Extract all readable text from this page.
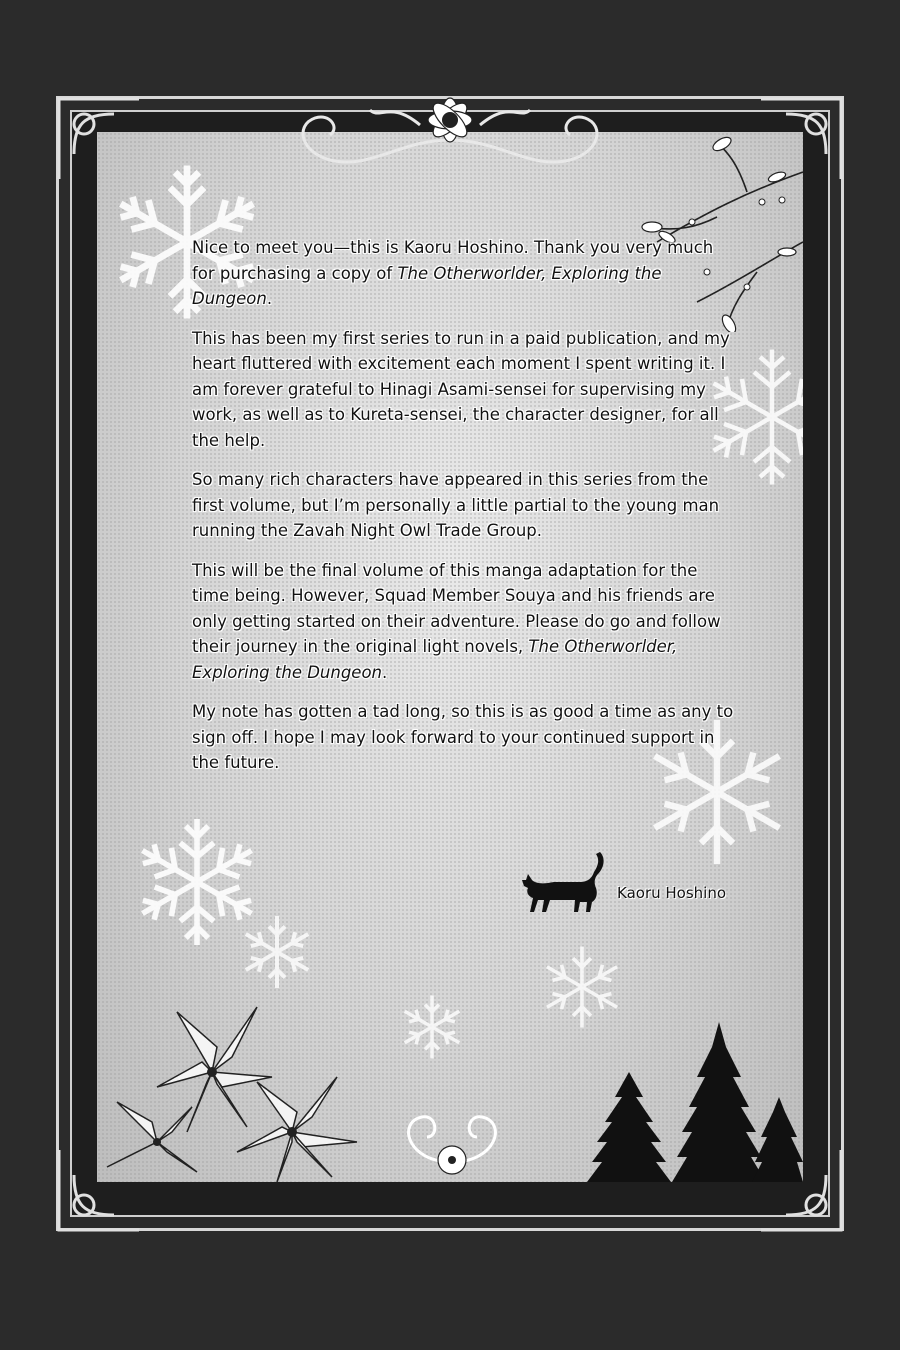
Nice to meet you—this is Kaoru Hoshino. Thank you very much for purchasing a copy of The Otherworlder, Exploring the Dungeon.

This has been my first series to run in a paid publication, and my heart fluttered with excitement each moment I spent writing it. I am forever grateful to Hinagi Asami-sensei for supervising my work, as well as to Kureta-sensei, the character designer, for all the help.

So many rich characters have appeared in this series from the first volume, but I’m personally a little partial to the young man running the Zavah Night Owl Trade Group.

This will be the final volume of this manga adaptation for the time being. However, Squad Member Souya and his friends are only getting started on their adventure. Please do go and follow their journey in the original light novels, The Otherworlder, Exploring the Dungeon.

My note has gotten a tad long, so this is as good a time as any to sign off. I hope I may look forward to your continued support in the future.

Kaoru Hoshino
